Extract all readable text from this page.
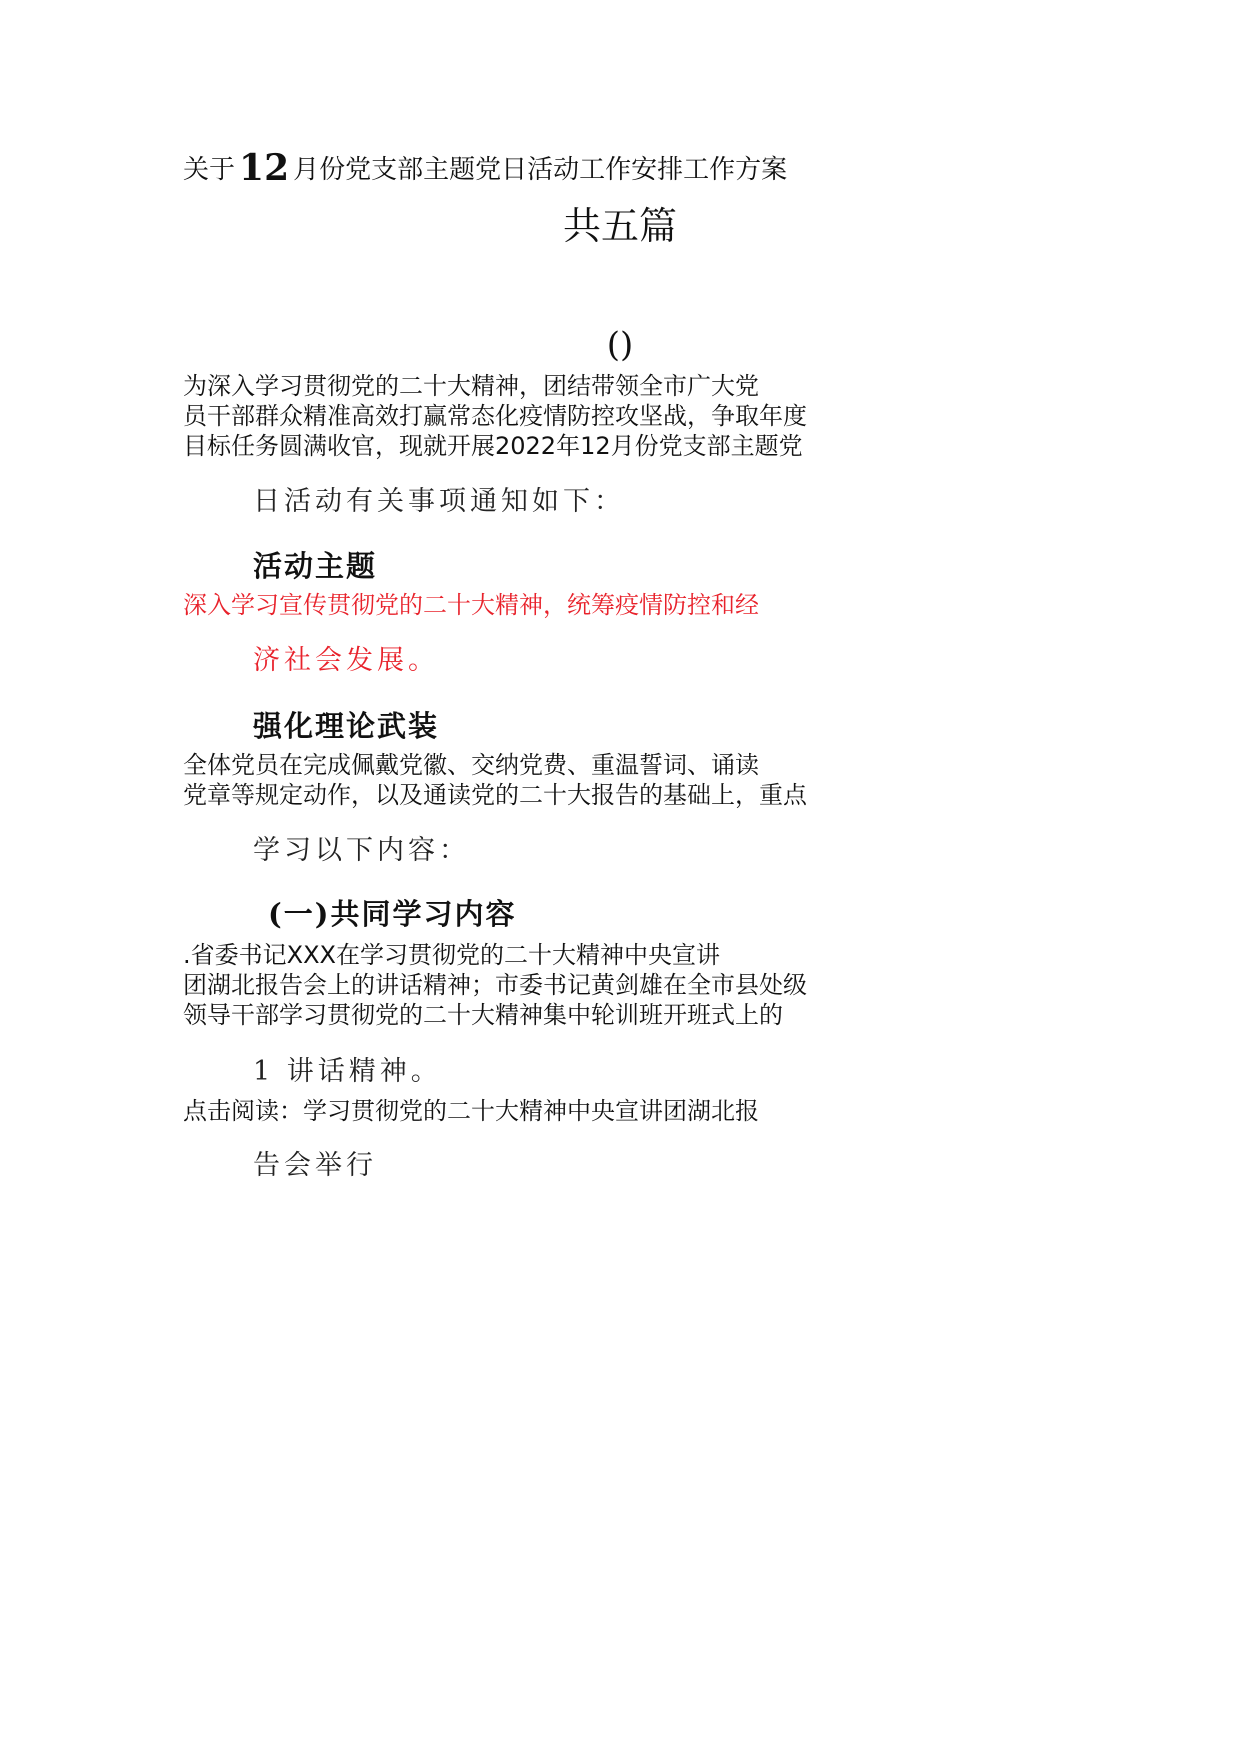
关于 12 月份党支部主题党日活动工作安排工作方案
共五篇
()
为深入学习贯彻党的二十大精神，团结带领全市广大党
员干部群众精准高效打赢常态化疫情防控攻坚战，争取年度
目标任务圆满收官，现就开展2022年12月份党支部主题党
日活动有关事项通知如下：
活动主题
深入学习宣传贯彻党的二十大精神，统筹疫情防控和经
济社会发展。
强化理论武装
全体党员在完成佩戴党徽、交纳党费、重温誓词、诵读
党章等规定动作，以及通读党的二十大报告的基础上，重点
学习以下内容：
(一)共同学习内容
.省委书记XXX在学习贯彻党的二十大精神中央宣讲
团湖北报告会上的讲话精神；市委书记黄剑雄在全市县处级
领导干部学习贯彻党的二十大精神集中轮训班开班式上的
1 讲话精神。
点击阅读：学习贯彻党的二十大精神中央宣讲团湖北报
告会举行
